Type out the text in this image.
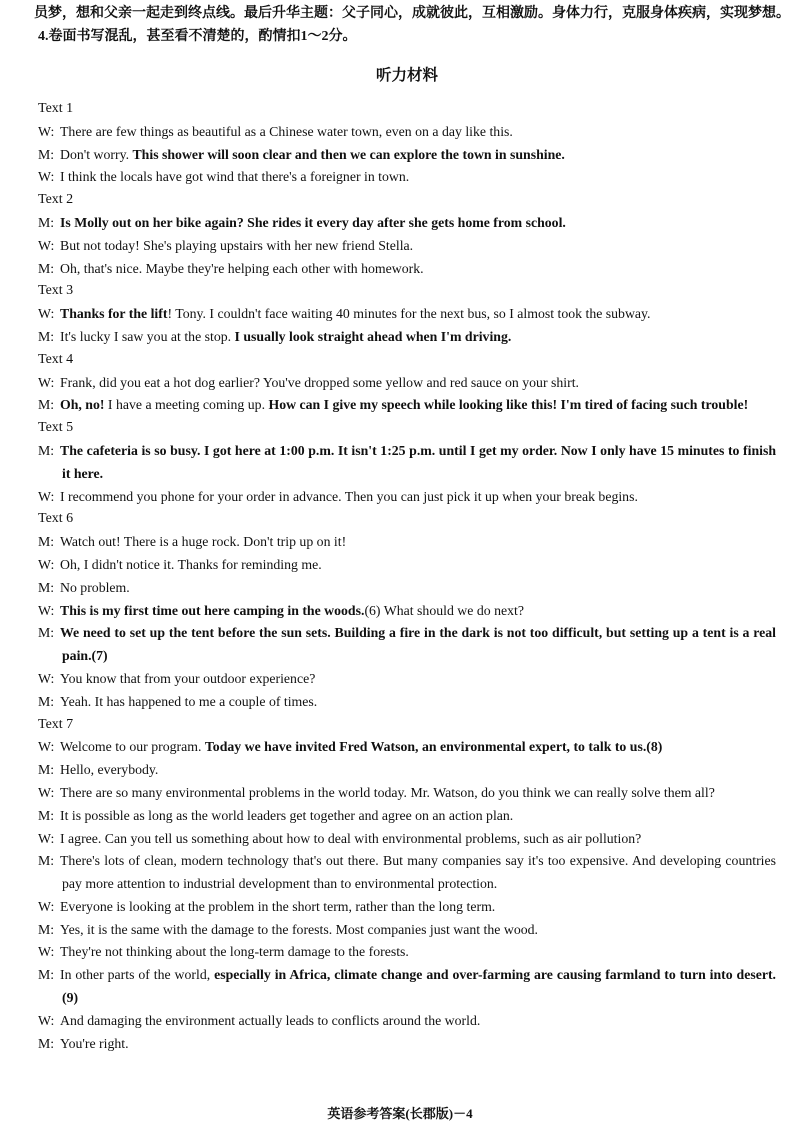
员梦，想和父亲一起走到终点线。最后升华主题：父子同心，成就彼此，互相激励。身体力行，克服身体疾病，实现梦想。
4.卷面书写混乱，甚至看不清楚的，酌情扣1～2分。
听力材料
Text 1
W: There are few things as beautiful as a Chinese water town, even on a day like this.
M: Don't worry. This shower will soon clear and then we can explore the town in sunshine.
W: I think the locals have got wind that there's a foreigner in town.
Text 2
M: Is Molly out on her bike again? She rides it every day after she gets home from school.
W: But not today! She's playing upstairs with her new friend Stella.
M: Oh, that's nice. Maybe they're helping each other with homework.
Text 3
W: Thanks for the lift! Tony. I couldn't face waiting 40 minutes for the next bus, so I almost took the subway.
M: It's lucky I saw you at the stop. I usually look straight ahead when I'm driving.
Text 4
W: Frank, did you eat a hot dog earlier? You've dropped some yellow and red sauce on your shirt.
M: Oh, no! I have a meeting coming up. How can I give my speech while looking like this! I'm tired of facing such trouble!
Text 5
M: The cafeteria is so busy. I got here at 1:00 p.m. It isn't 1:25 p.m. until I get my order. Now I only have 15 minutes to finish it here.
W: I recommend you phone for your order in advance. Then you can just pick it up when your break begins.
Text 6
M: Watch out! There is a huge rock. Don't trip up on it!
W: Oh, I didn't notice it. Thanks for reminding me.
M: No problem.
W: This is my first time out here camping in the woods.(6) What should we do next?
M: We need to set up the tent before the sun sets. Building a fire in the dark is not too difficult, but setting up a tent is a real pain.(7)
W: You know that from your outdoor experience?
M: Yeah. It has happened to me a couple of times.
Text 7
W: Welcome to our program. Today we have invited Fred Watson, an environmental expert, to talk to us.(8)
M: Hello, everybody.
W: There are so many environmental problems in the world today. Mr. Watson, do you think we can really solve them all?
M: It is possible as long as the world leaders get together and agree on an action plan.
W: I agree. Can you tell us something about how to deal with environmental problems, such as air pollution?
M: There's lots of clean, modern technology that's out there. But many companies say it's too expensive. And developing countries pay more attention to industrial development than to environmental protection.
W: Everyone is looking at the problem in the short term, rather than the long term.
M: Yes, it is the same with the damage to the forests. Most companies just want the wood.
W: They're not thinking about the long-term damage to the forests.
M: In other parts of the world, especially in Africa, climate change and over-farming are causing farmland to turn into desert.(9)
W: And damaging the environment actually leads to conflicts around the world.
M: You're right.
英语参考答案(长郡版)－4
